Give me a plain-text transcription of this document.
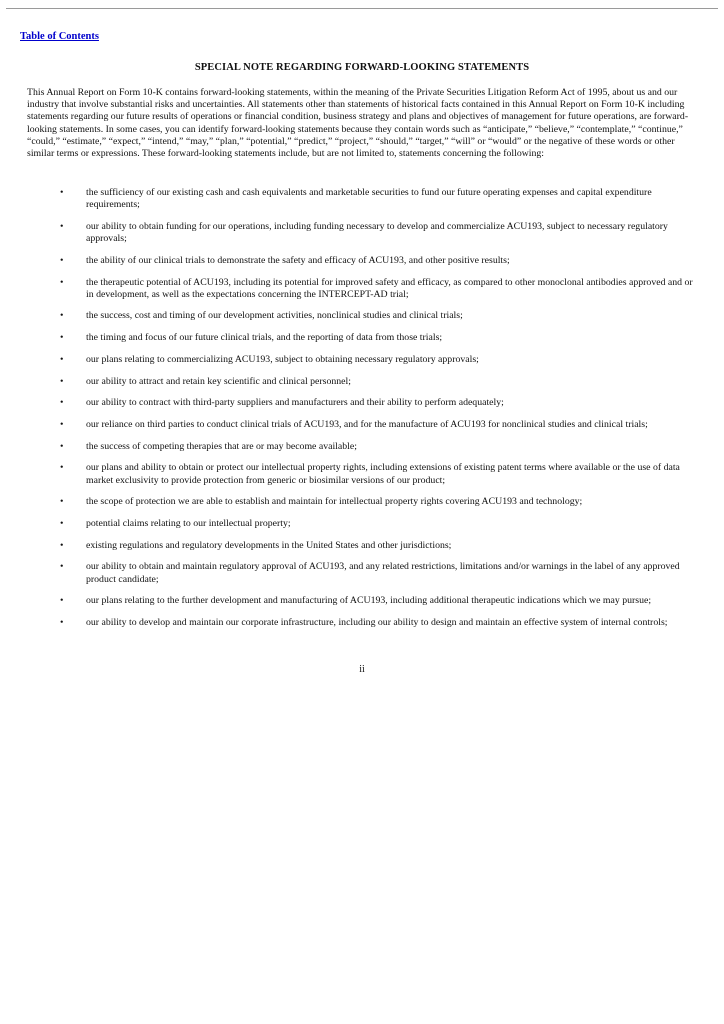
Table of Contents
SPECIAL NOTE REGARDING FORWARD-LOOKING STATEMENTS

This Annual Report on Form 10-K contains forward-looking statements, within the meaning of the Private Securities Litigation Reform Act of 1995, about us and our industry that involve substantial risks and uncertainties. All statements other than statements of historical facts contained in this Annual Report on Form 10-K including statements regarding our future results of operations or financial condition, business strategy and plans and objectives of management for future operations, are forward-looking statements. In some cases, you can identify forward-looking statements because they contain words such as “anticipate,” “believe,” “contemplate,” “continue,” “could,” “estimate,” “expect,” “intend,” “may,” “plan,” “potential,” “predict,” “project,” “should,” “target,” “will” or “would” or the negative of these words or other similar terms or expressions. These forward-looking statements include, but are not limited to, statements concerning the following:

• the sufficiency of our existing cash and cash equivalents and marketable securities to fund our future operating expenses and capital expenditure requirements;
• our ability to obtain funding for our operations, including funding necessary to develop and commercialize ACU193, subject to necessary regulatory approvals;
• the ability of our clinical trials to demonstrate the safety and efficacy of ACU193, and other positive results;
• the therapeutic potential of ACU193, including its potential for improved safety and efficacy, as compared to other monoclonal antibodies approved and or in development, as well as the expectations concerning the INTERCEPT-AD trial;
• the success, cost and timing of our development activities, nonclinical studies and clinical trials;
• the timing and focus of our future clinical trials, and the reporting of data from those trials;
• our plans relating to commercializing ACU193, subject to obtaining necessary regulatory approvals;
• our ability to attract and retain key scientific and clinical personnel;
• our ability to contract with third-party suppliers and manufacturers and their ability to perform adequately;
• our reliance on third parties to conduct clinical trials of ACU193, and for the manufacture of ACU193 for nonclinical studies and clinical trials;
• the success of competing therapies that are or may become available;
• our plans and ability to obtain or protect our intellectual property rights, including extensions of existing patent terms where available or the use of data market exclusivity to provide protection from generic or biosimilar versions of our product;
• the scope of protection we are able to establish and maintain for intellectual property rights covering ACU193 and technology;
• potential claims relating to our intellectual property;
• existing regulations and regulatory developments in the United States and other jurisdictions;
• our ability to obtain and maintain regulatory approval of ACU193, and any related restrictions, limitations and/or warnings in the label of any approved product candidate;
• our plans relating to the further development and manufacturing of ACU193, including additional therapeutic indications which we may pursue;
• our ability to develop and maintain our corporate infrastructure, including our ability to design and maintain an effective system of internal controls;
ii
